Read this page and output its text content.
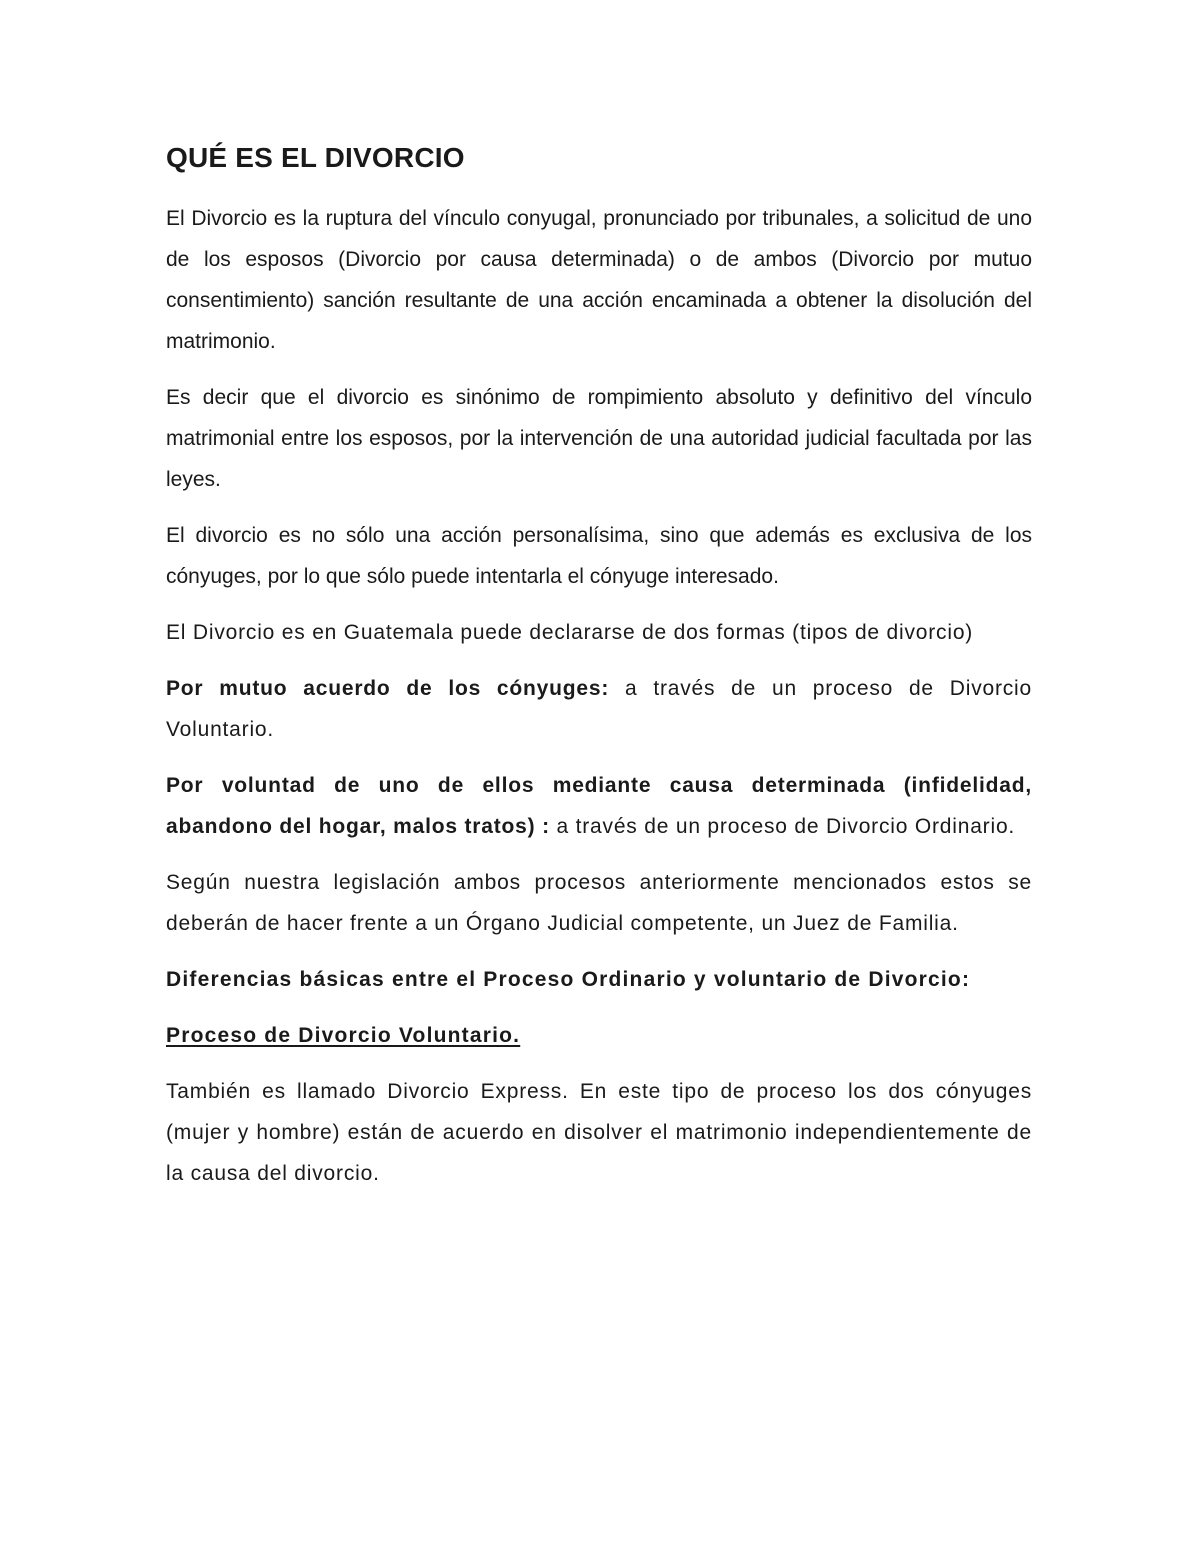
QUÉ ES EL DIVORCIO

El Divorcio es la ruptura del vínculo conyugal, pronunciado por tribunales, a solicitud de uno de los esposos (Divorcio por causa determinada) o de ambos (Divorcio por mutuo consentimiento) sanción resultante de una acción encaminada a obtener la disolución del matrimonio.

Es decir que el divorcio es sinónimo de rompimiento absoluto y definitivo del vínculo matrimonial entre los esposos, por la intervención de una autoridad judicial facultada por las leyes.

El divorcio es no sólo una acción personalísima, sino que además es exclusiva de los cónyuges, por lo que sólo puede intentarla el cónyuge interesado.

El Divorcio es en Guatemala puede declararse de dos formas (tipos de divorcio)

Por mutuo acuerdo de los cónyuges: a través de un proceso de Divorcio Voluntario.

Por voluntad de uno de ellos mediante causa determinada (infidelidad, abandono del hogar, malos tratos) : a través de un proceso de Divorcio Ordinario.

Según nuestra legislación ambos procesos anteriormente mencionados estos se deberán de hacer frente a un Órgano Judicial competente, un Juez de Familia.

Diferencias básicas entre el Proceso Ordinario y voluntario de Divorcio:

Proceso de Divorcio Voluntario.

También es llamado Divorcio Express. En este tipo de proceso los dos cónyuges (mujer y hombre) están de acuerdo en disolver el matrimonio independientemente de la causa del divorcio.
